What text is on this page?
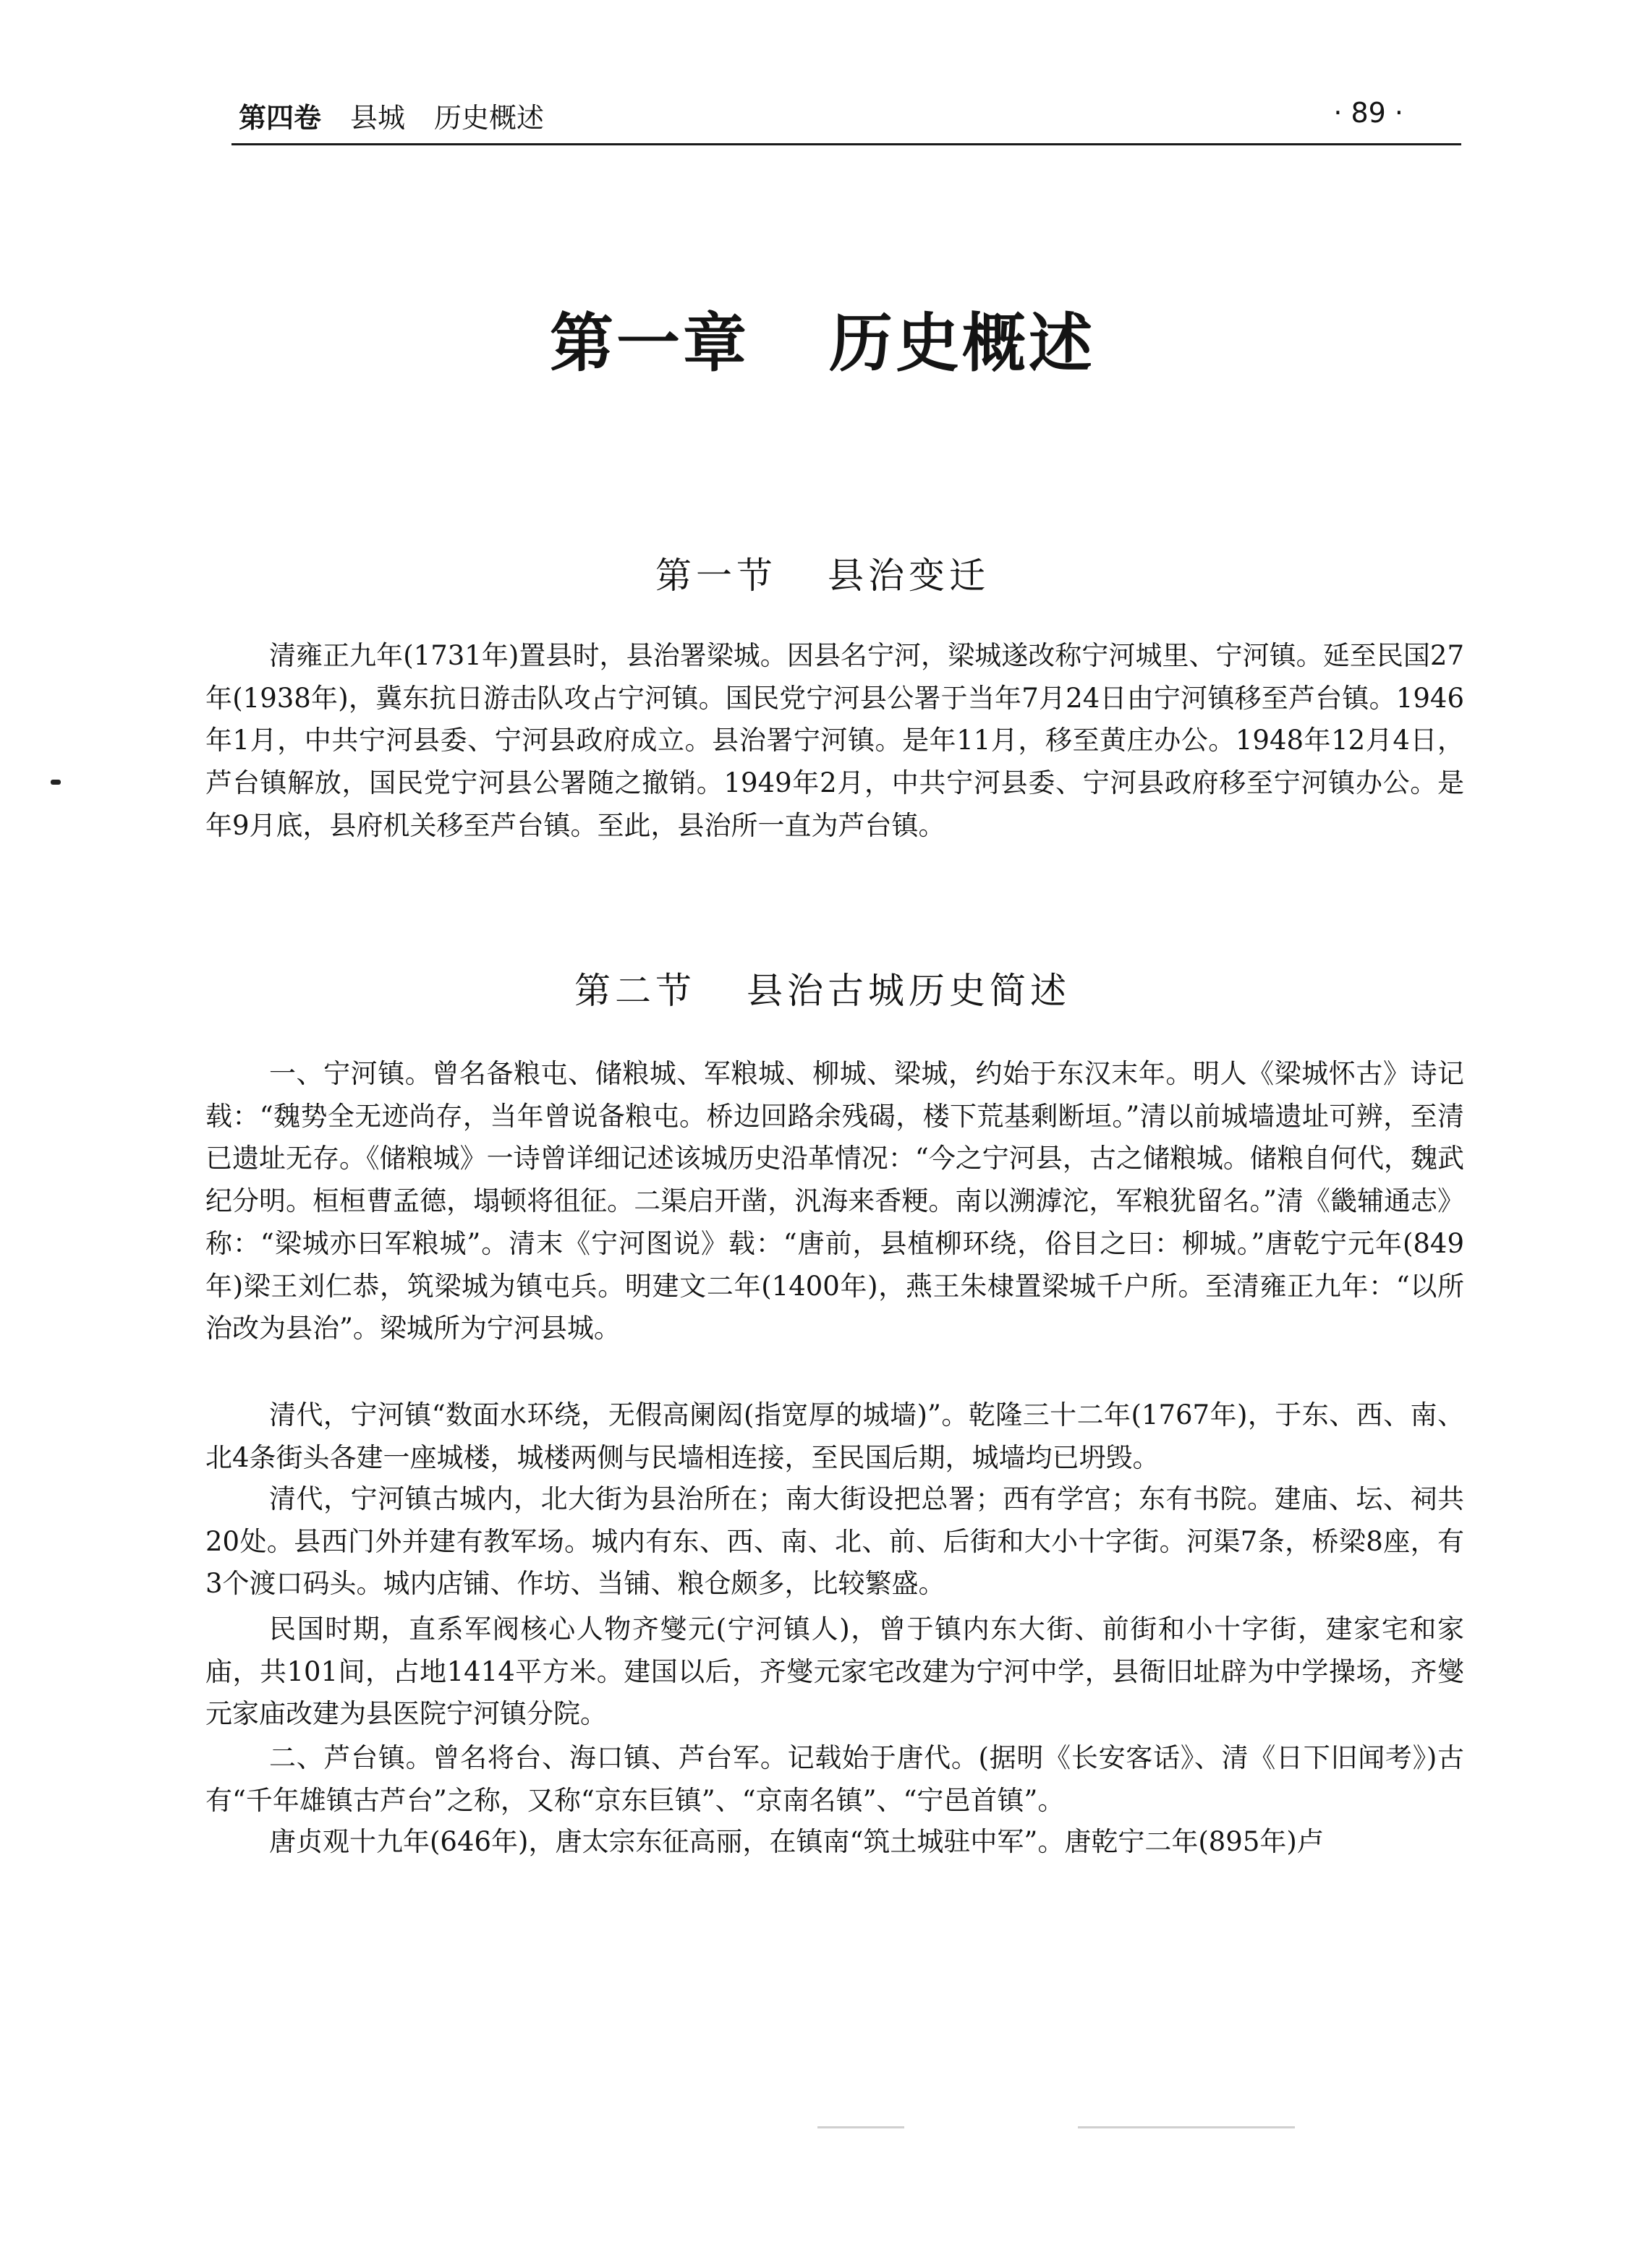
第四卷 县城 历史概述	· 89 ·
第一章 历史概述
第一节 县治变迁

清雍正九年(1731年)置县时，县治署梁城。因县名宁河，梁城遂改称宁河城里、宁河镇。延至民国27年(1938年)，冀东抗日游击队攻占宁河镇。国民党宁河县公署于当年7月24日由宁河镇移至芦台镇。1946年1月，中共宁河县委、宁河县政府成立。县治署宁河镇。是年11月，移至黄庄办公。1948年12月4日，芦台镇解放，国民党宁河县公署随之撤销。1949年2月，中共宁河县委、宁河县政府移至宁河镇办公。是年9月底，县府机关移至芦台镇。至此，县治所一直为芦台镇。

第二节 县治古城历史简述

一、宁河镇。曾名备粮屯、储粮城、军粮城、柳城、梁城，约始于东汉末年。明人《梁城怀古》诗记载：“魏势全无迹尚存，当年曾说备粮屯。桥边回路余残碣，楼下荒基剩断垣。”清以前城墙遗址可辨，至清已遗址无存。《储粮城》一诗曾详细记述该城历史沿革情况：“今之宁河县，古之储粮城。储粮自何代，魏武纪分明。桓桓曹孟德，塌顿将徂征。二渠启开凿，汎海来香粳。南以溯滹沱，军粮犹留名。”清《畿辅通志》称：“梁城亦曰军粮城”。清末《宁河图说》载：“唐前，县植柳环绕，俗目之曰：柳城。”唐乾宁元年(849年)梁王刘仁恭，筑梁城为镇屯兵。明建文二年(1400年)，燕王朱棣置梁城千户所。至清雍正九年：“以所治改为县治”。梁城所为宁河县城。

清代，宁河镇“数面水环绕，无假高阑闳(指宽厚的城墙)”。乾隆三十二年(1767年)，于东、西、南、北4条街头各建一座城楼，城楼两侧与民墙相连接，至民国后期，城墙均已坍毁。

清代，宁河镇古城内，北大街为县治所在；南大街设把总署；西有学宫；东有书院。建庙、坛、祠共20处。县西门外并建有教军场。城内有东、西、南、北、前、后街和大小十字街。河渠7条，桥梁8座，有3个渡口码头。城内店铺、作坊、当铺、粮仓颇多，比较繁盛。

民国时期，直系军阀核心人物齐燮元(宁河镇人)，曾于镇内东大街、前街和小十字街，建家宅和家庙，共101间，占地1414平方米。建国以后，齐燮元家宅改建为宁河中学，县衙旧址辟为中学操场，齐燮元家庙改建为县医院宁河镇分院。

二、芦台镇。曾名将台、海口镇、芦台军。记载始于唐代。(据明《长安客话》、清《日下旧闻考》)古有“千年雄镇古芦台”之称，又称“京东巨镇”、“京南名镇”、“宁邑首镇”。

唐贞观十九年(646年)，唐太宗东征高丽，在镇南“筑土城驻中军”。唐乾宁二年(895年)卢
